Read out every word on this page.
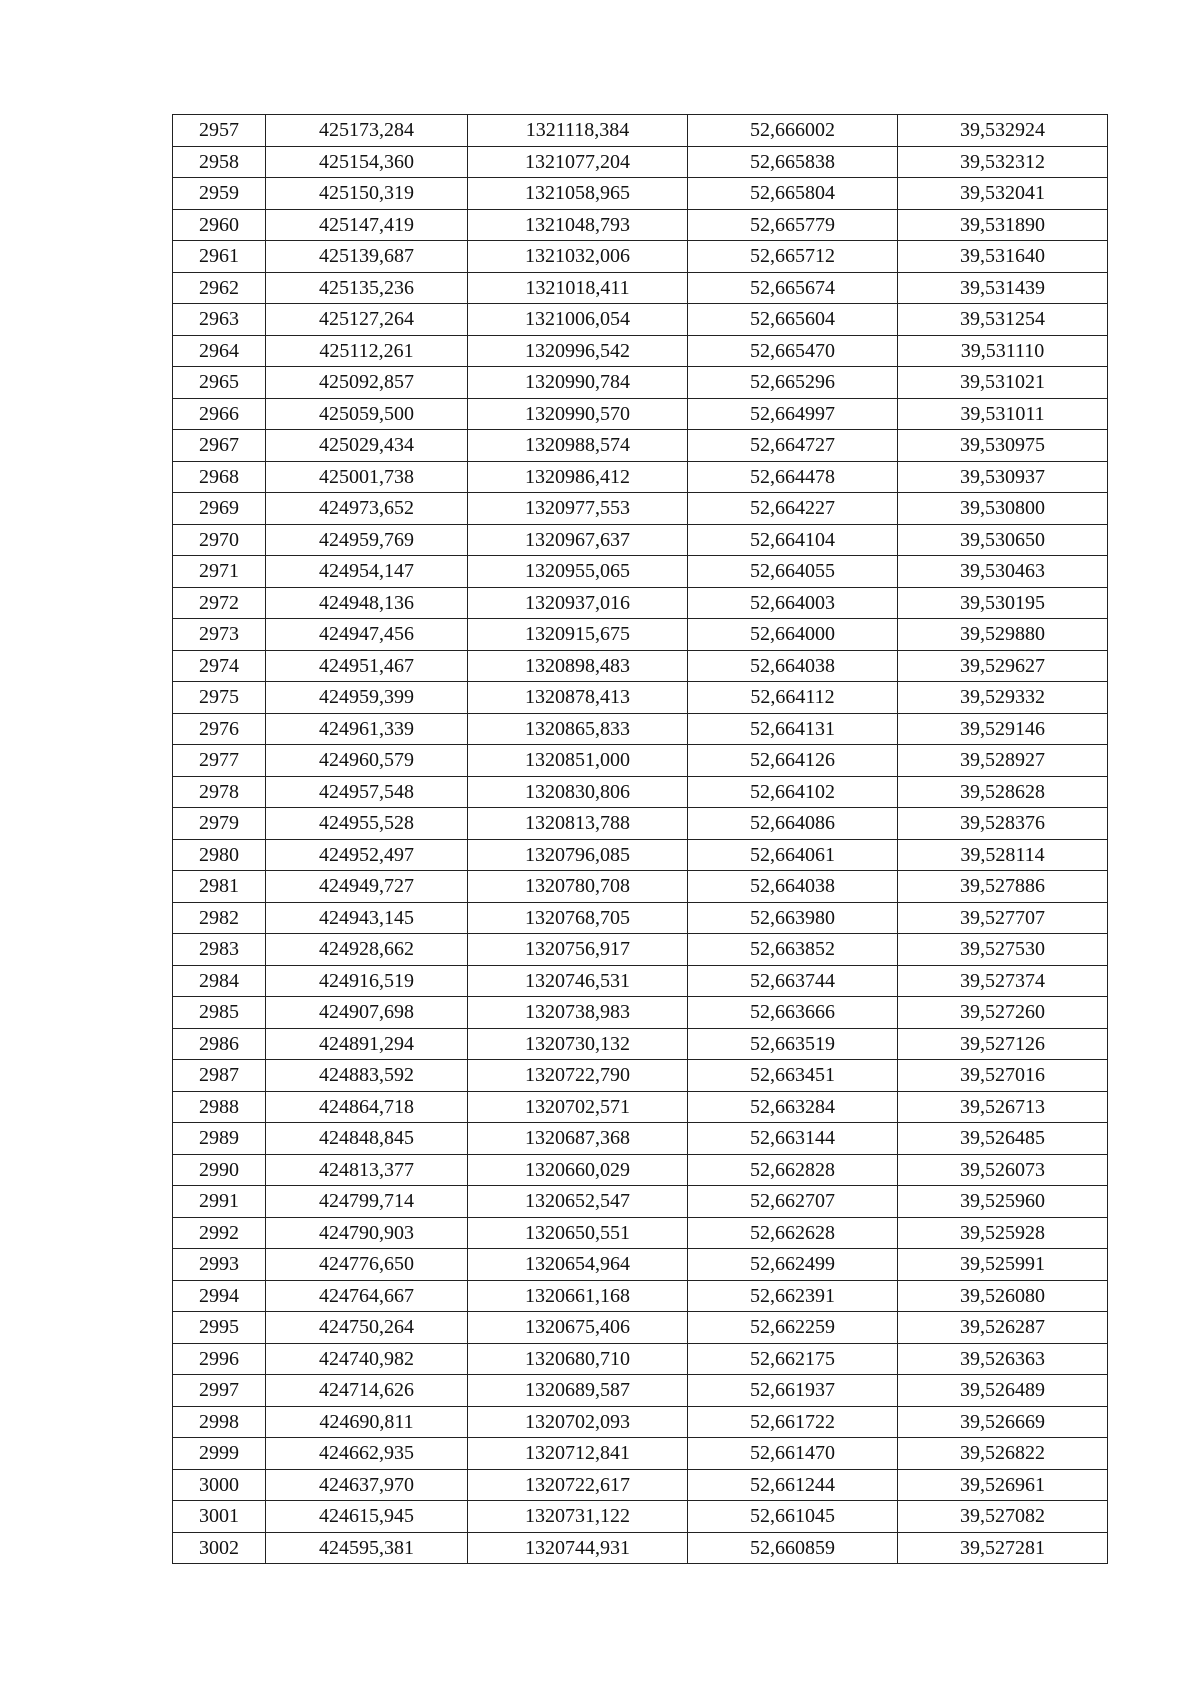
2957	425173,284	1321118,384	52,666002	39,532924
2958	425154,360	1321077,204	52,665838	39,532312
2959	425150,319	1321058,965	52,665804	39,532041
2960	425147,419	1321048,793	52,665779	39,531890
2961	425139,687	1321032,006	52,665712	39,531640
2962	425135,236	1321018,411	52,665674	39,531439
2963	425127,264	1321006,054	52,665604	39,531254
2964	425112,261	1320996,542	52,665470	39,531110
2965	425092,857	1320990,784	52,665296	39,531021
2966	425059,500	1320990,570	52,664997	39,531011
2967	425029,434	1320988,574	52,664727	39,530975
2968	425001,738	1320986,412	52,664478	39,530937
2969	424973,652	1320977,553	52,664227	39,530800
2970	424959,769	1320967,637	52,664104	39,530650
2971	424954,147	1320955,065	52,664055	39,530463
2972	424948,136	1320937,016	52,664003	39,530195
2973	424947,456	1320915,675	52,664000	39,529880
2974	424951,467	1320898,483	52,664038	39,529627
2975	424959,399	1320878,413	52,664112	39,529332
2976	424961,339	1320865,833	52,664131	39,529146
2977	424960,579	1320851,000	52,664126	39,528927
2978	424957,548	1320830,806	52,664102	39,528628
2979	424955,528	1320813,788	52,664086	39,528376
2980	424952,497	1320796,085	52,664061	39,528114
2981	424949,727	1320780,708	52,664038	39,527886
2982	424943,145	1320768,705	52,663980	39,527707
2983	424928,662	1320756,917	52,663852	39,527530
2984	424916,519	1320746,531	52,663744	39,527374
2985	424907,698	1320738,983	52,663666	39,527260
2986	424891,294	1320730,132	52,663519	39,527126
2987	424883,592	1320722,790	52,663451	39,527016
2988	424864,718	1320702,571	52,663284	39,526713
2989	424848,845	1320687,368	52,663144	39,526485
2990	424813,377	1320660,029	52,662828	39,526073
2991	424799,714	1320652,547	52,662707	39,525960
2992	424790,903	1320650,551	52,662628	39,525928
2993	424776,650	1320654,964	52,662499	39,525991
2994	424764,667	1320661,168	52,662391	39,526080
2995	424750,264	1320675,406	52,662259	39,526287
2996	424740,982	1320680,710	52,662175	39,526363
2997	424714,626	1320689,587	52,661937	39,526489
2998	424690,811	1320702,093	52,661722	39,526669
2999	424662,935	1320712,841	52,661470	39,526822
3000	424637,970	1320722,617	52,661244	39,526961
3001	424615,945	1320731,122	52,661045	39,527082
3002	424595,381	1320744,931	52,660859	39,527281
